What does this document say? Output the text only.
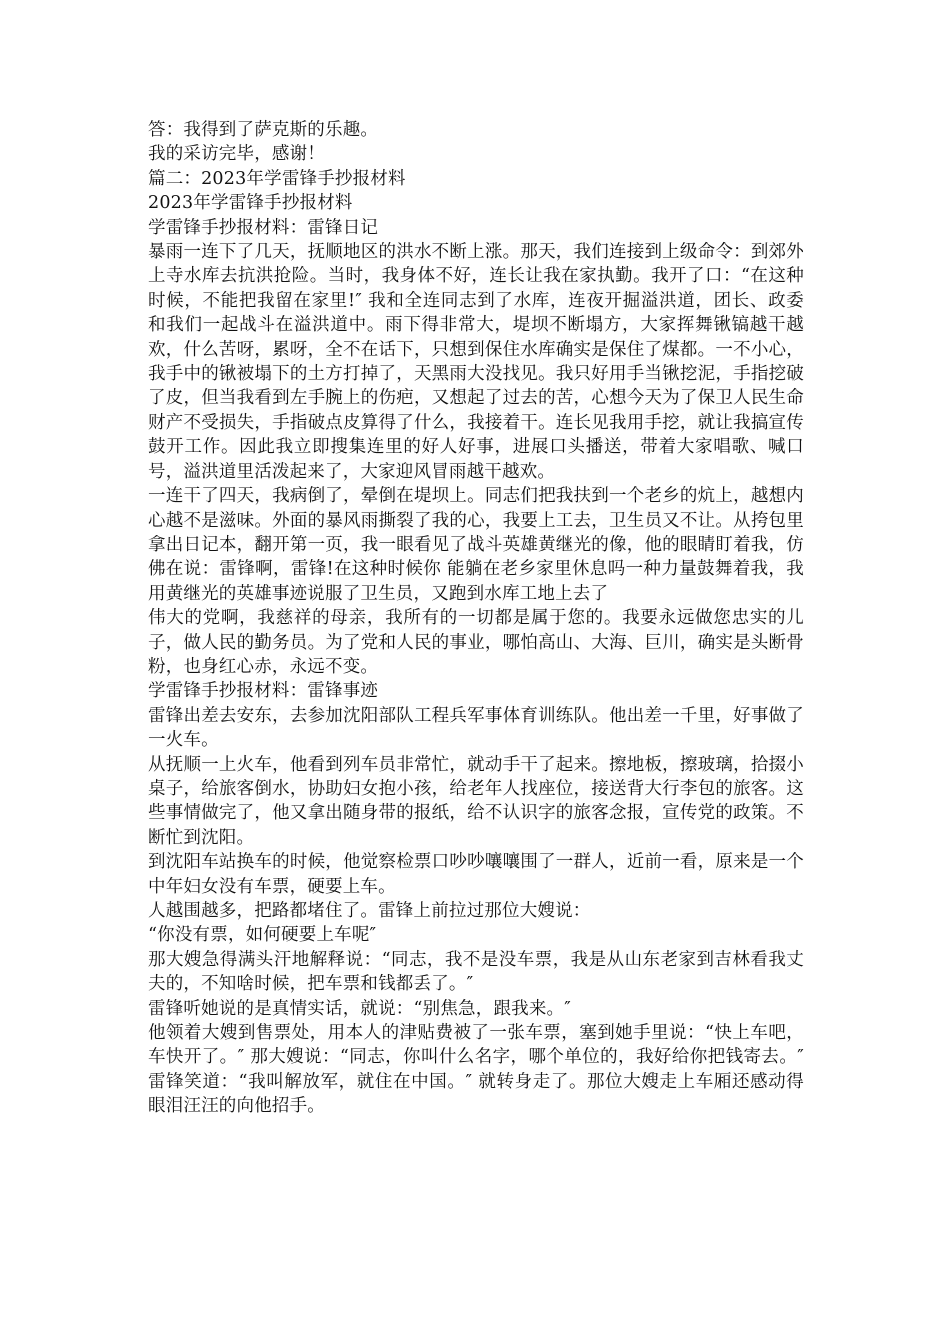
答：我得到了萨克斯的乐趣。

我的采访完毕，感谢！

篇二：2023年学雷锋手抄报材料

2023年学雷锋手抄报材料

学雷锋手抄报材料：雷锋日记

暴雨一连下了几天，抚顺地区的洪水不断上涨。那天，我们连接到上级命令：到郊外上寺水库去抗洪抢险。当时，我身体不好，连长让我在家执勤。我开了口：“在这种时候，不能把我留在家里!″ 我和全连同志到了水库，连夜开掘溢洪道，团长、政委和我们一起战斗在溢洪道中。雨下得非常大，堤坝不断塌方，大家挥舞锹镐越干越欢，什么苦呀，累呀，全不在话下，只想到保住水库确实是保住了煤都。一不小心，我手中的锹被塌下的土方打掉了，天黑雨大没找见。我只好用手当锹挖泥，手指挖破了皮，但当我看到左手腕上的伤疤，又想起了过去的苦，心想今天为了保卫人民生命财产不受损失，手指破点皮算得了什么，我接着干。连长见我用手挖，就让我搞宣传鼓开工作。因此我立即搜集连里的好人好事，进展口头播送，带着大家唱歌、喊口号，溢洪道里活泼起来了，大家迎风冒雨越干越欢。

一连干了四天，我病倒了，晕倒在堤坝上。同志们把我扶到一个老乡的炕上，越想内心越不是滋味。外面的暴风雨撕裂了我的心，我要上工去，卫生员又不让。从挎包里拿出日记本，翻开第一页，我一眼看见了战斗英雄黄继光的像，他的眼睛盯着我，仿佛在说：雷锋啊，雷锋!在这种时候你 能躺在老乡家里休息吗一种力量鼓舞着我，我用黄继光的英雄事迹说服了卫生员，又跑到水库工地上去了

伟大的党啊，我慈祥的母亲，我所有的一切都是属于您的。我要永远做您忠实的儿子，做人民的勤务员。为了党和人民的事业，哪怕高山、大海、巨川，确实是头断骨粉，也身红心赤，永远不变。

学雷锋手抄报材料：雷锋事迹

雷锋出差去安东，去参加沈阳部队工程兵军事体育训练队。他出差一千里，好事做了一火车。

从抚顺一上火车，他看到列车员非常忙，就动手干了起来。擦地板，擦玻璃，拾掇小桌子，给旅客倒水，协助妇女抱小孩，给老年人找座位，接送背大行李包的旅客。这些事情做完了，他又拿出随身带的报纸，给不认识字的旅客念报，宣传党的政策。不断忙到沈阳。

到沈阳车站换车的时候，他觉察检票口吵吵嚷嚷围了一群人，近前一看，原来是一个中年妇女没有车票，硬要上车。

人越围越多，把路都堵住了。雷锋上前拉过那位大嫂说：

“你没有票，如何硬要上车呢″

那大嫂急得满头汗地解释说：“同志，我不是没车票，我是从山东老家到吉林看我丈夫的，不知啥时候，把车票和钱都丢了。″

雷锋听她说的是真情实话，就说：“别焦急，跟我来。″

他领着大嫂到售票处，用本人的津贴费被了一张车票，塞到她手里说：“快上车吧，车快开了。″ 那大嫂说：“同志，你叫什么名字，哪个单位的，我好给你把钱寄去。″ 雷锋笑道：“我叫解放军，就住在中国。″ 就转身走了。那位大嫂走上车厢还感动得眼泪汪汪的向他招手。
